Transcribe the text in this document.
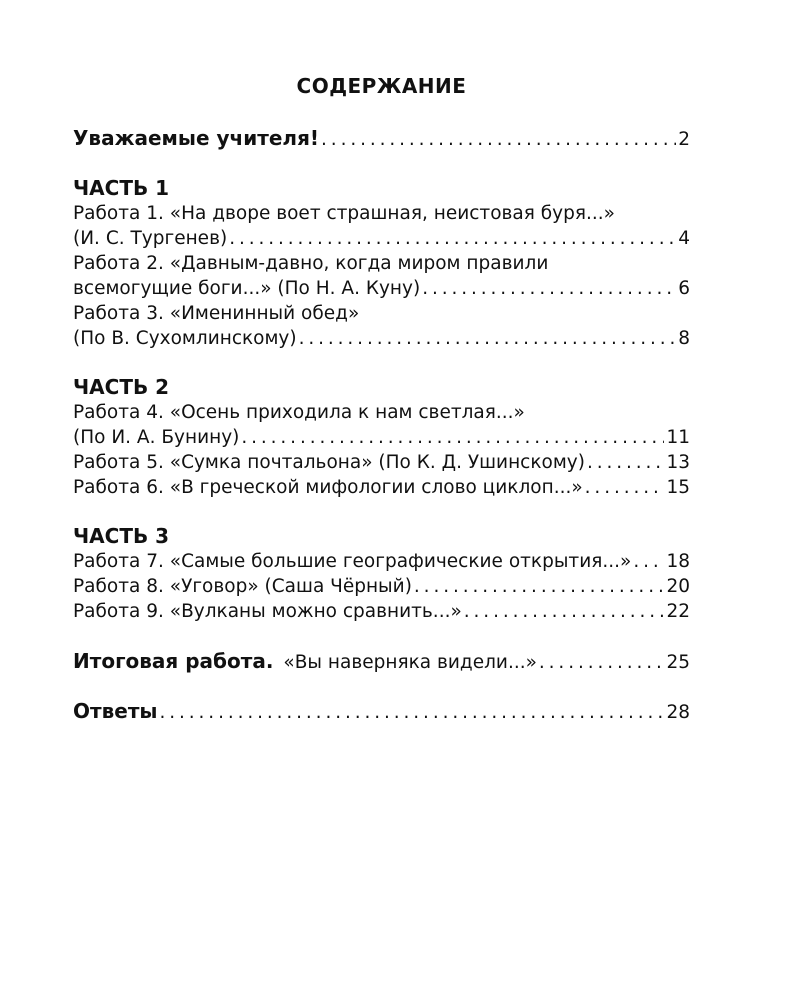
СОДЕРЖАНИЕ
Уважаемые учителя! . . .	2
ЧАСТЬ 1
Работа 1. «На дворе воет страшная, неистовая буря...»
(И. С. Тургенев) . . .	4
Работа 2. «Давным-давно, когда миром правили
всемогущие боги...» (По Н. А. Куну) . . .	6
Работа 3. «Именинный обед»
(По В. Сухомлинскому) . . .	8
ЧАСТЬ 2
Работа 4. «Осень приходила к нам светлая...»
(По И. А. Бунину) . . .	11
Работа 5. «Сумка почтальона» (По К. Д. Ушинскому) . . .	13
Работа 6. «В греческой мифологии слово циклоп...» . . .	15
ЧАСТЬ 3
Работа 7. «Самые большие географические открытия...» . . . 18
Работа 8. «Уговор» (Саша Чёрный) . . .	20
Работа 9. «Вулканы можно сравнить...» . . .	22
Итоговая работа. «Вы наверняка видели...» . . .	25
Ответы . . .	28
